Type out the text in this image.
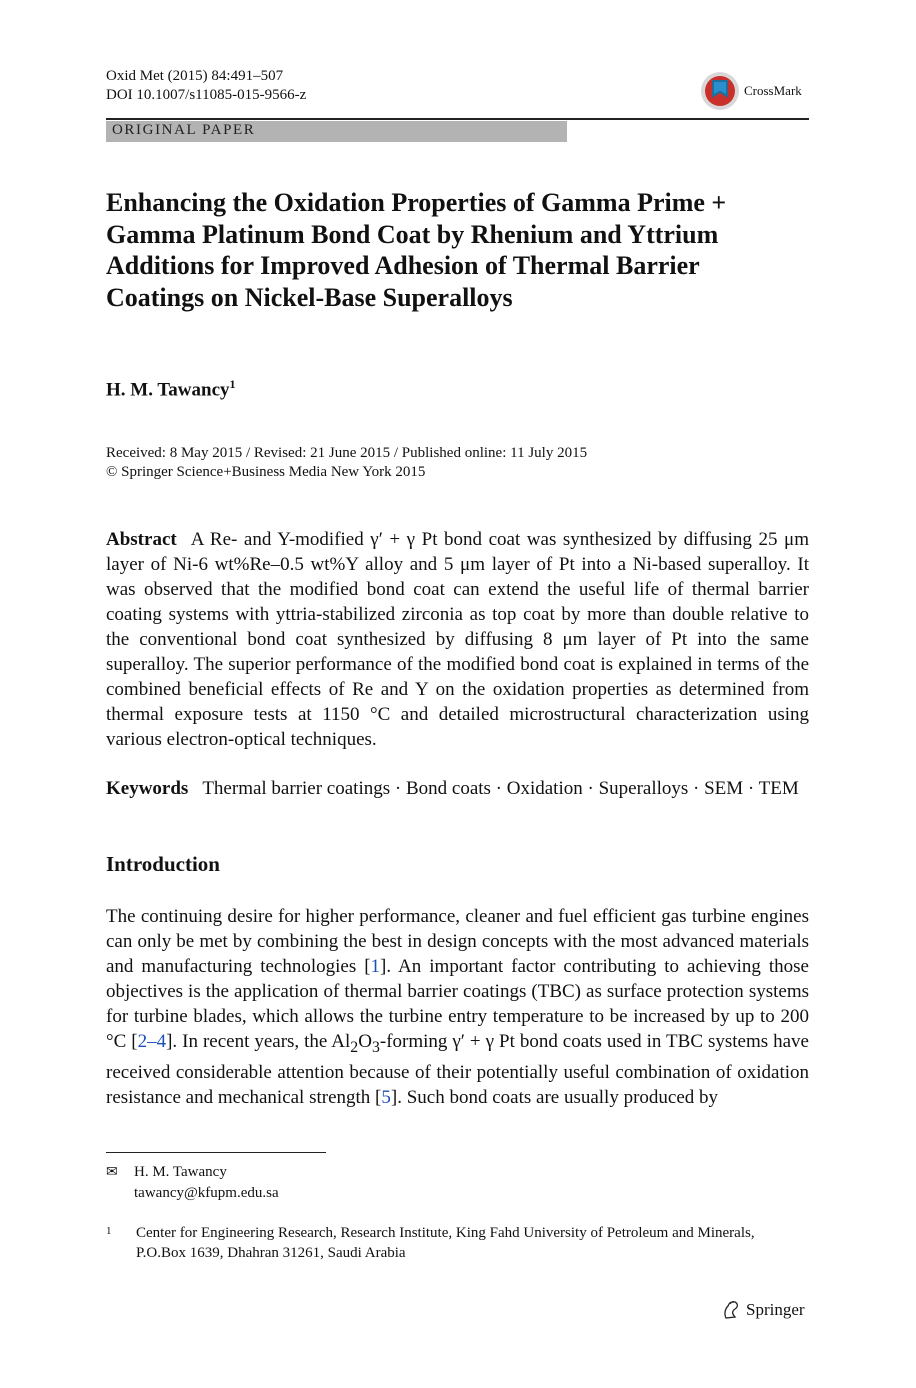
Oxid Met (2015) 84:491–507
DOI 10.1007/s11085-015-9566-z	CrossMark
ORIGINAL PAPER
Enhancing the Oxidation Properties of Gamma Prime + Gamma Platinum Bond Coat by Rhenium and Yttrium Additions for Improved Adhesion of Thermal Barrier Coatings on Nickel-Base Superalloys
H. M. Tawancy$^1$
Received: 8 May 2015 / Revised: 21 June 2015 / Published online: 11 July 2015
© Springer Science+Business Media New York 2015
Abstract A Re- and Y-modified γ′ + γ Pt bond coat was synthesized by diffusing 25 μm layer of Ni-6 wt%Re–0.5 wt%Y alloy and 5 μm layer of Pt into a Ni-based superalloy. It was observed that the modified bond coat can extend the useful life of thermal barrier coating systems with yttria-stabilized zirconia as top coat by more than double relative to the conventional bond coat synthesized by diffusing 8 μm layer of Pt into the same superalloy. The superior performance of the modified bond coat is explained in terms of the combined beneficial effects of Re and Y on the oxidation properties as determined from thermal exposure tests at 1150 °C and detailed microstructural characterization using various electron-optical techniques.
Keywords Thermal barrier coatings · Bond coats · Oxidation · Superalloys · SEM · TEM
Introduction
The continuing desire for higher performance, cleaner and fuel efficient gas turbine engines can only be met by combining the best in design concepts with the most advanced materials and manufacturing technologies [1]. An important factor contributing to achieving those objectives is the application of thermal barrier coatings (TBC) as surface protection systems for turbine blades, which allows the turbine entry temperature to be increased by up to 200 °C [2–4]. In recent years, the $Al_2O_3$-forming γ′ + γ Pt bond coats used in TBC systems have received considerable attention because of their potentially useful combination of oxidation resistance and mechanical strength [5]. Such bond coats are usually produced by
✉ H. M. Tawancy
tawancy@kfupm.edu.sa
1 Center for Engineering Research, Research Institute, King Fahd University of Petroleum and Minerals, P.O.Box 1639, Dhahran 31261, Saudi Arabia
Springer
